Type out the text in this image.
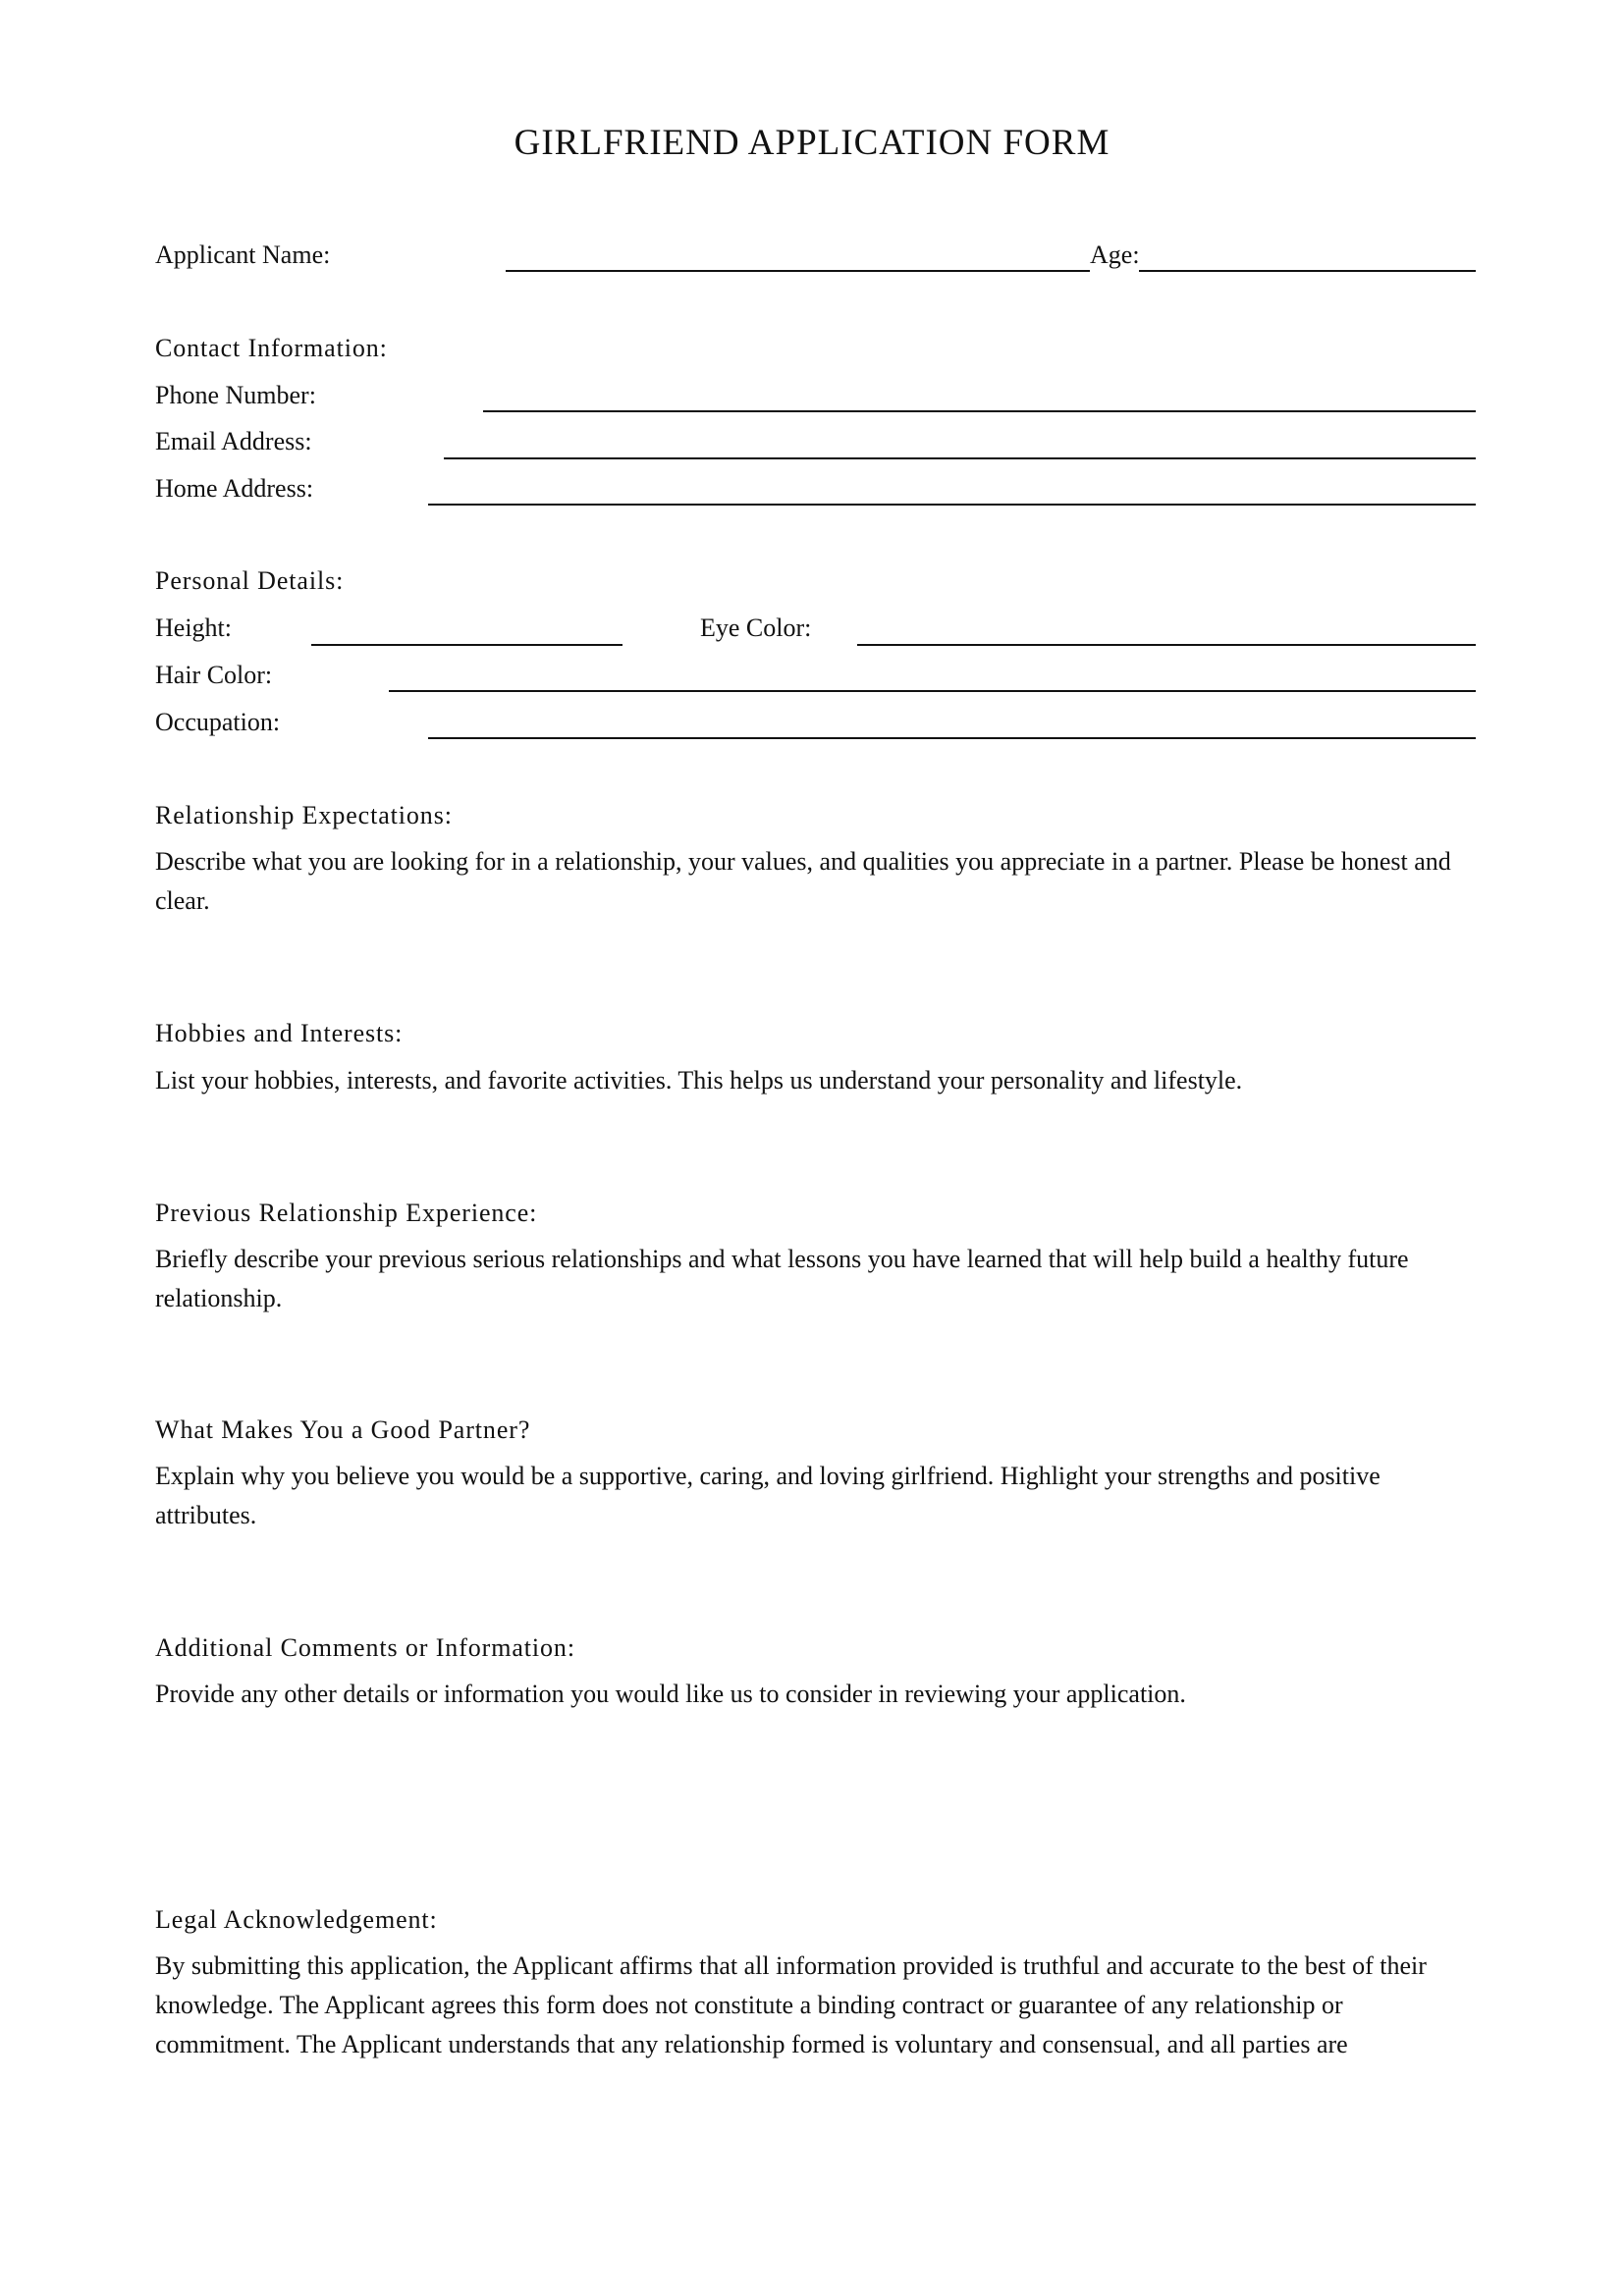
GIRLFRIEND APPLICATION FORM
Applicant Name:	Age:
Contact Information:
Phone Number:
Email Address:
Home Address:
Personal Details:
Height:	Eye Color:
Hair Color:
Occupation:
Relationship Expectations:
Describe what you are looking for in a relationship, your values, and qualities you appreciate in a partner. Please be honest and clear.
Hobbies and Interests:
List your hobbies, interests, and favorite activities. This helps us understand your personality and lifestyle.
Previous Relationship Experience:
Briefly describe your previous serious relationships and what lessons you have learned that will help build a healthy future relationship.
What Makes You a Good Partner?
Explain why you believe you would be a supportive, caring, and loving girlfriend. Highlight your strengths and positive attributes.
Additional Comments or Information:
Provide any other details or information you would like us to consider in reviewing your application.
Legal Acknowledgement:
By submitting this application, the Applicant affirms that all information provided is truthful and accurate to the best of their knowledge. The Applicant agrees this form does not constitute a binding contract or guarantee of any relationship or commitment. The Applicant understands that any relationship formed is voluntary and consensual, and all parties are
